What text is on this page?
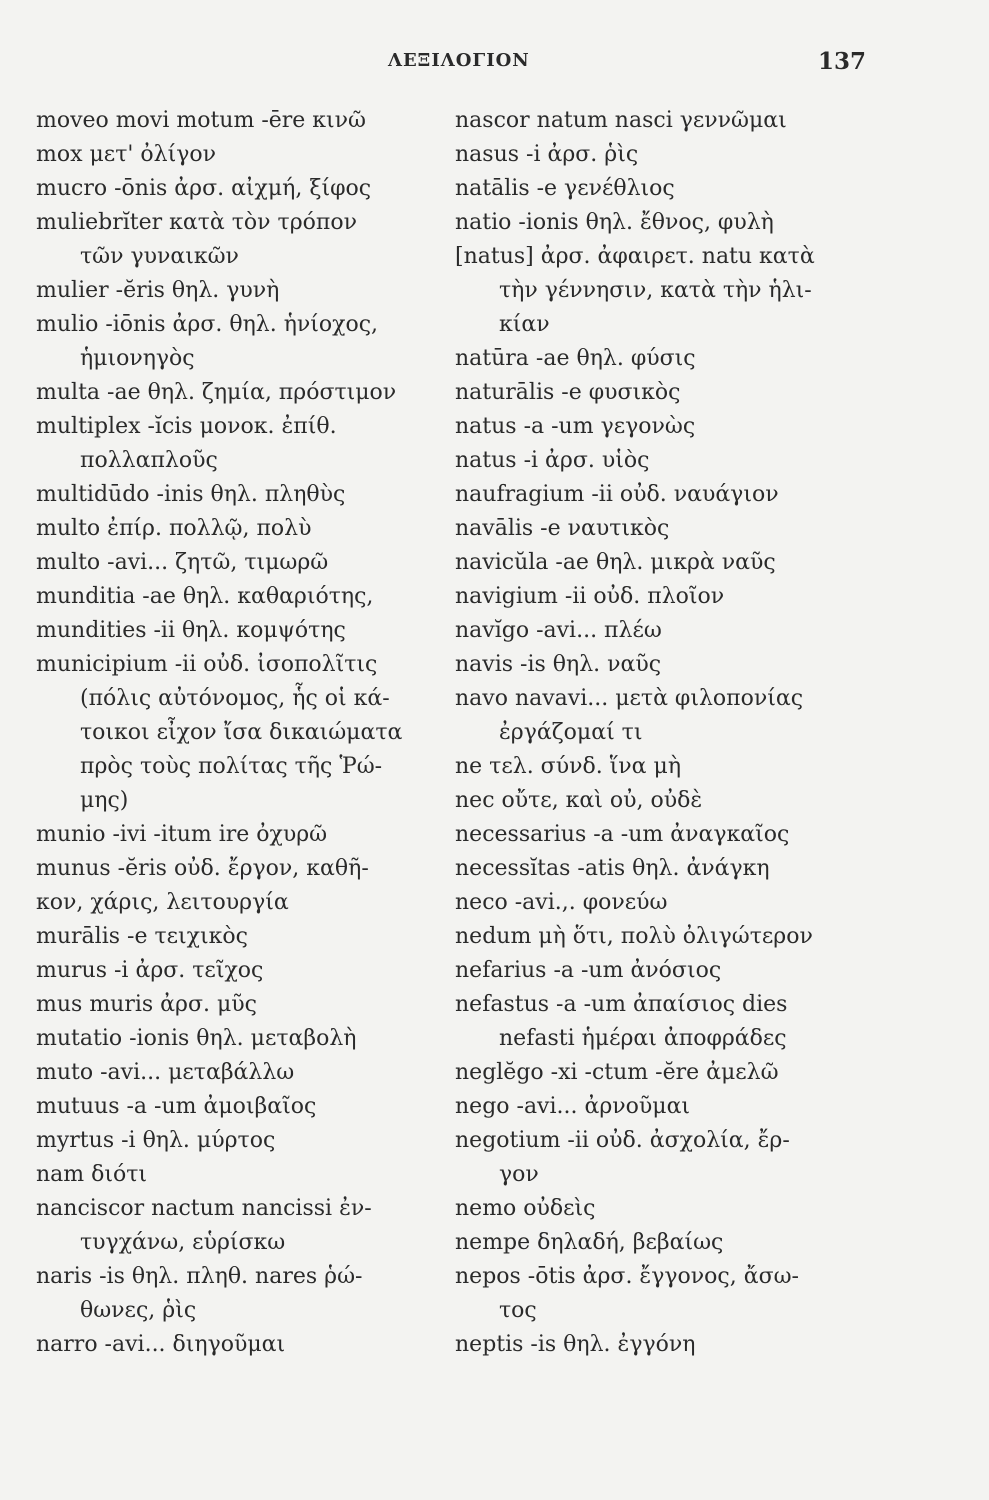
ΛΕΞΙΛΟΓΙΟΝ	137
moveo movi motum -ēre κινῶ
mox μετ' ὀλίγον
mucro -ōnis ἀρσ. αἰχμή, ξίφος
muliebrĭter κατὰ τὸν τρόπον
τῶν γυναικῶν
mulier -ĕris θηλ. γυνὴ
mulio -iōnis ἀρσ. θηλ. ἡνίοχος,
ἡμιονηγὸς
multa -ae θηλ. ζημία, πρόστιμον
multiplex -ĭcis μονοκ. ἐπίθ.
πολλαπλοῦς
multidūdo -inis θηλ. πληθὺς
multo ἐπίρ. πολλῷ, πολὺ
multo -avi... ζητῶ, τιμωρῶ
munditia -ae θηλ. καθαριότης,
mundities -ii θηλ. κομψότης
municipium -ii οὐδ. ἰσοπολῖτις
(πόλις αὐτόνομος, ἧς οἱ κά-
τοικοι εἶχον ἴσα δικαιώματα
πρὸς τοὺς πολίτας τῆς Ῥώ-
μης)
munio -ivi -itum ire ὀχυρῶ
munus -ĕris οὐδ. ἔργον, καθῆ-
κον, χάρις, λειτουργία
murālis -e τειχικὸς
murus -i ἀρσ. τεῖχος
mus muris ἀρσ. μῦς
mutatio -ionis θηλ. μεταβολὴ
muto -avi... μεταβάλλω
mutuus -a -um ἀμοιβαῖος
myrtus -i θηλ. μύρτος
nam διότι
nanciscor nactum nancissi ἐν-
τυγχάνω, εὑρίσκω
naris -is θηλ. πληθ. nares ῥώ-
θωνες, ῥὶς
narro -avi... διηγοῦμαι
nascor natum nasci γεννῶμαι
nasus -i ἀρσ. ῥὶς
natālis -e γενέθλιος
natio -ionis θηλ. ἔθνος, φυλὴ
[natus] ἀρσ. ἀφαιρετ. natu κατὰ
τὴν γέννησιν, κατὰ τὴν ἡλι-
κίαν
natūra -ae θηλ. φύσις
naturālis -e φυσικὸς
natus -a -um γεγονὼς
natus -i ἀρσ. υἱὸς
naufragium -ii οὐδ. ναυάγιον
navālis -e ναυτικὸς
navicŭla -ae θηλ. μικρὰ ναῦς
navigium -ii οὐδ. πλοῖον
navĭgo -avi... πλέω
navis -is θηλ. ναῦς
navo navavi... μετὰ φιλοπονίας
ἐργάζομαί τι
ne τελ. σύνδ. ἵνα μὴ
nec οὔτε, καὶ οὐ, οὐδὲ
necessarius -a -um ἀναγκαῖος
necessĭtas -atis θηλ. ἀνάγκη
neco -avi.,. φονεύω
nedum μὴ ὅτι, πολὺ ὀλιγώτερον
nefarius -a -um ἀνόσιος
nefastus -a -um ἀπαίσιος dies
nefasti ἡμέραι ἀποφράδες
neglĕgo -xi -ctum -ĕre ἀμελῶ
nego -avi... ἀρνοῦμαι
negotium -ii οὐδ. ἀσχολία, ἔρ-
γον
nemo οὐδεὶς
nempe δηλαδή, βεβαίως
nepos -ōtis ἀρσ. ἔγγονος, ἄσω-
τος
neptis -is θηλ. ἐγγόνη
